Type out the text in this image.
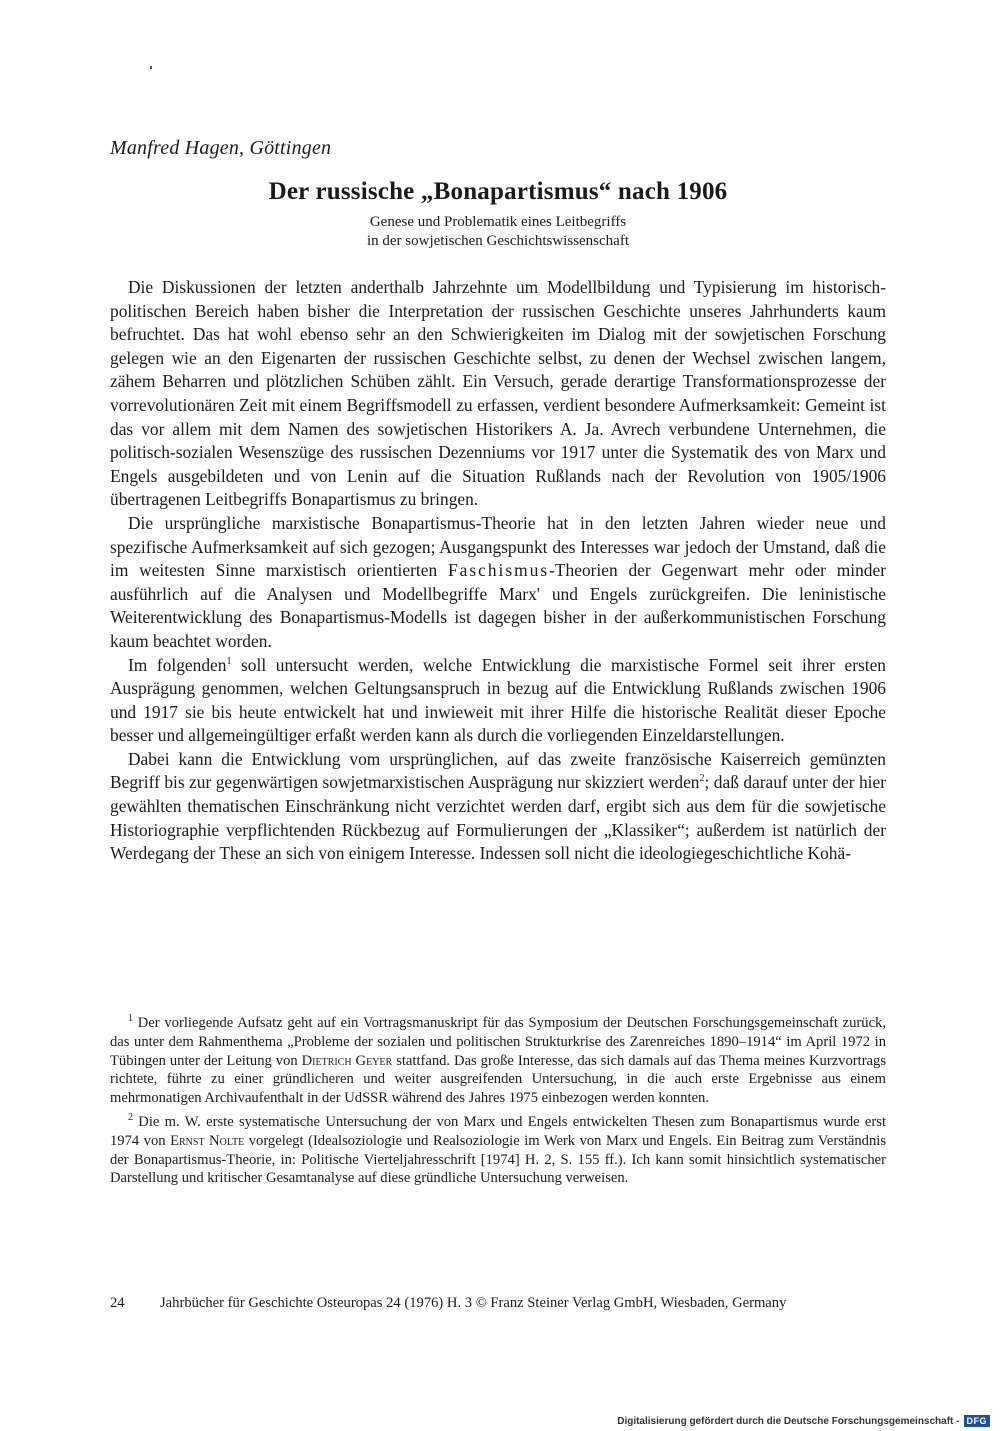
Manfred Hagen, Göttingen
Der russische „Bonapartismus“ nach 1906
Genese und Problematik eines Leitbegriffs
in der sowjetischen Geschichtswissenschaft

Die Diskussionen der letzten anderthalb Jahrzehnte um Modellbildung und Typisierung im historisch-politischen Bereich haben bisher die Interpretation der russischen Geschichte unseres Jahrhunderts kaum befruchtet. Das hat wohl ebenso sehr an den Schwierigkeiten im Dialog mit der sowjetischen Forschung gelegen wie an den Eigenarten der russischen Geschichte selbst, zu denen der Wechsel zwischen langem, zähem Beharren und plötzlichen Schüben zählt. Ein Versuch, gerade derartige Transformationsprozesse der vorrevolutionären Zeit mit einem Begriffsmodell zu erfassen, verdient besondere Aufmerksamkeit: Gemeint ist das vor allem mit dem Namen des sowjetischen Historikers A. Ja. Avrech verbundene Unternehmen, die politisch-sozialen Wesenszüge des russischen Dezenniums vor 1917 unter die Systematik des von Marx und Engels ausgebildeten und von Lenin auf die Situation Rußlands nach der Revolution von 1905/1906 übertragenen Leitbegriffs Bonapartismus zu bringen.

Die ursprüngliche marxistische Bonapartismus-Theorie hat in den letzten Jahren wieder neue und spezifische Aufmerksamkeit auf sich gezogen; Ausgangspunkt des Interesses war jedoch der Umstand, daß die im weitesten Sinne marxistisch orientierten Faschismus-Theorien der Gegenwart mehr oder minder ausführlich auf die Analysen und Modellbegriffe Marx' und Engels zurückgreifen. Die leninistische Weiterentwicklung des Bonapartismus-Modells ist dagegen bisher in der außerkommunistischen Forschung kaum beachtet worden.

Im folgenden$^1$ soll untersucht werden, welche Entwicklung die marxistische Formel seit ihrer ersten Ausprägung genommen, welchen Geltungsanspruch in bezug auf die Entwicklung Rußlands zwischen 1906 und 1917 sie bis heute entwickelt hat und inwieweit mit ihrer Hilfe die historische Realität dieser Epoche besser und allgemeingültiger erfaßt werden kann als durch die vorliegenden Einzeldarstellungen.

Dabei kann die Entwicklung vom ursprünglichen, auf das zweite französische Kaiserreich gemünzten Begriff bis zur gegenwärtigen sowjetmarxistischen Ausprägung nur skizziert werden$^2$; daß darauf unter der hier gewählten thematischen Einschränkung nicht verzichtet werden darf, ergibt sich aus dem für die sowjetische Historiographie verpflichtenden Rückbezug auf Formulierungen der „Klassiker“; außerdem ist natürlich der Werdegang der These an sich von einigem Interesse. Indessen soll nicht die ideologiegeschichtliche Kohä-

$^1$ Der vorliegende Aufsatz geht auf ein Vortragsmanuskript für das Symposium der Deutschen Forschungsgemeinschaft zurück, das unter dem Rahmenthema „Probleme der sozialen und politischen Strukturkrise des Zarenreiches 1890–1914“ im April 1972 in Tübingen unter der Leitung von Dietrich Geyer stattfand. Das große Interesse, das sich damals auf das Thema meines Kurzvortrags richtete, führte zu einer gründlicheren und weiter ausgreifenden Untersuchung, in die auch erste Ergebnisse aus einem mehrmonatigen Archivaufenthalt in der UdSSR während des Jahres 1975 einbezogen werden konnten.

$^2$ Die m. W. erste systematische Untersuchung der von Marx und Engels entwickelten Thesen zum Bonapartismus wurde erst 1974 von Ernst Nolte vorgelegt (Idealsoziologie und Realsoziologie im Werk von Marx und Engels. Ein Beitrag zum Verständnis der Bonapartismus-Theorie, in: Politische Vierteljahresschrift [1974] H. 2, S. 155 ff.). Ich kann somit hinsichtlich systematischer Darstellung und kritischer Gesamtanalyse auf diese gründliche Untersuchung verweisen.

24 Jahrbücher für Geschichte Osteuropas 24 (1976) H. 3 © Franz Steiner Verlag GmbH, Wiesbaden, Germany
Digitalisierung gefördert durch die Deutsche Forschungsgemeinschaft - DFG
